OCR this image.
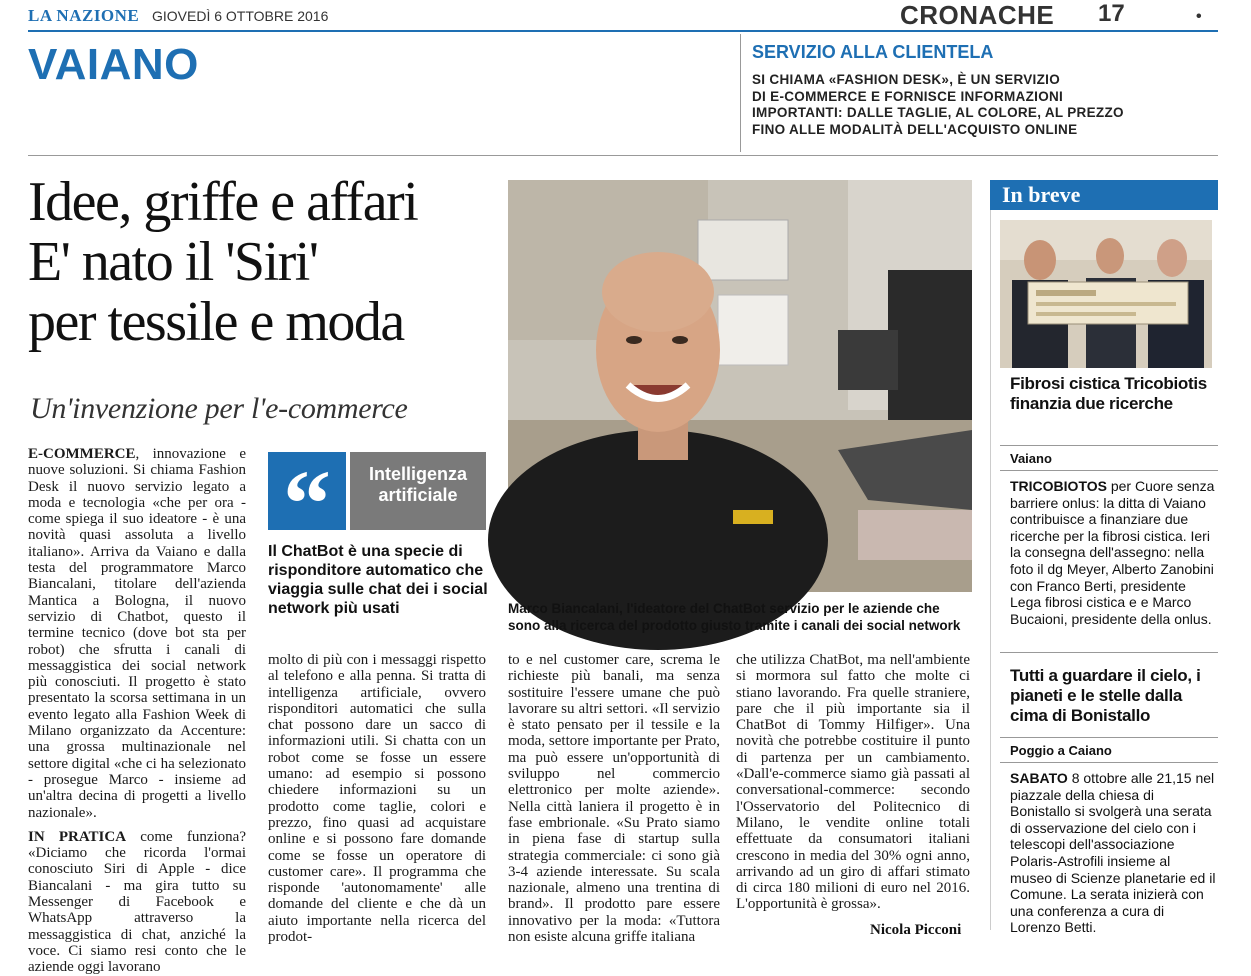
LA NAZIONE GIOVEDÌ 6 OTTOBRE 2016	CRONACHE 17	•
VAIANO	SERVIZIO ALLA CLIENTELA
SI CHIAMA «FASHION DESK», È UN SERVIZIO
DI E-COMMERCE E FORNISCE INFORMAZIONI
IMPORTANTI: DALLE TAGLIE, AL COLORE, AL PREZZO
FINO ALLE MODALITÀ DELL'ACQUISTO ONLINE
Idee, griffe e affari
E' nato il 'Siri'
per tessile e moda
Un'invenzione per l'e-commerce
E-COMMERCE, innovazione e nuove soluzioni. Si chiama Fashion Desk il nuovo servizio legato a moda e tecnologia «che per ora - come spiega il suo ideatore - è una novità quasi assoluta a livello italiano». Arriva da Vaiano e dalla testa del programmatore Marco Biancalani, titolare dell'azienda Mantica a Bologna, il nuovo servizio di Chatbot, questo il termine tecnico (dove bot sta per robot) che sfrutta i canali di messaggistica dei social network più conosciuti. Il progetto è stato presentato la scorsa settimana in un evento legato alla Fashion Week di Milano organizzato da Accenture: una grossa multinazionale nel settore digital «che ci ha selezionato - prosegue Marco - insieme ad un'altra decina di progetti a livello nazionale».
IN PRATICA come funziona? «Diciamo che ricorda l'ormai conosciuto Siri di Apple - dice Biancalani - ma gira tutto su Messenger di Facebook e WhatsApp attraverso la messaggistica di chat, anziché la voce. Ci siamo resi conto che le aziende oggi lavorano
“	Intelligenza artificiale
Il ChatBot è una specie di risponditore automatico che viaggia sulle chat dei i social network più usati
molto di più con i messaggi rispetto al telefono e alla penna. Si tratta di intelligenza artificiale, ovvero risponditori automatici che sulla chat possono dare un sacco di informazioni utili. Si chatta con un robot come se fosse un essere umano: ad esempio si possono chiedere informazioni su un prodotto come taglie, colori e prezzo, fino quasi ad acquistare online e si possono fare domande come se fosse un operatore di customer care». Il programma che risponde 'autonomamente' alle domande del cliente e che dà un aiuto importante nella ricerca del prodot-
to e nel customer care, screma le richieste più banali, ma senza sostituire l'essere umane che può lavorare su altri settori. «Il servizio è stato pensato per il tessile e la moda, settore importante per Prato, ma può essere un'opportunità di sviluppo nel commercio elettronico per molte aziende». Nella città laniera il progetto è in fase embrionale. «Su Prato siamo in piena fase di startup sulla strategia commerciale: ci sono già 3-4 aziende interessate. Su scala nazionale, almeno una trentina di brand». Il prodotto pare essere innovativo per la moda: «Tuttora non esiste alcuna griffe italiana
che utilizza ChatBot, ma nell'ambiente si mormora sul fatto che molte ci stiano lavorando. Fra quelle straniere, pare che il più importante sia il ChatBot di Tommy Hilfiger». Una novità che potrebbe costituire il punto di partenza per un cambiamento. «Dall'e-commerce siamo già passati al conversational-commerce: secondo l'Osservatorio del Politecnico di Milano, le vendite online totali effettuate da consumatori italiani crescono in media del 30% ogni anno, arrivando ad un giro di affari stimato di circa 180 milioni di euro nel 2016. L'opportunità è grossa».
Nicola Picconi
Marco Biancalani, l'ideatore del ChatBot servizio per le aziende che sono alla ricerca del prodotto giusto tramite i canali dei social network
In breve
Fibrosi cistica Tricobiotis finanzia due ricerche
Vaiano
TRICOBIOTOS per Cuore senza barriere onlus: la ditta di Vaiano contribuisce a finanziare due ricerche per la fibrosi cistica. Ieri la consegna dell'assegno: nella foto il dg Meyer, Alberto Zanobini con Franco Berti, presidente Lega fibrosi cistica e e Marco Bucaioni, presidente della onlus.
Tutti a guardare il cielo, i pianeti e le stelle dalla cima di Bonistallo
Poggio a Caiano
SABATO 8 ottobre alle 21,15 nel piazzale della chiesa di Bonistallo si svolgerà una serata di osservazione del cielo con i telescopi dell'associazione Polaris-Astrofili insieme al museo di Scienze planetarie ed il Comune. La serata inizierà con una conferenza a cura di Lorenzo Betti.
